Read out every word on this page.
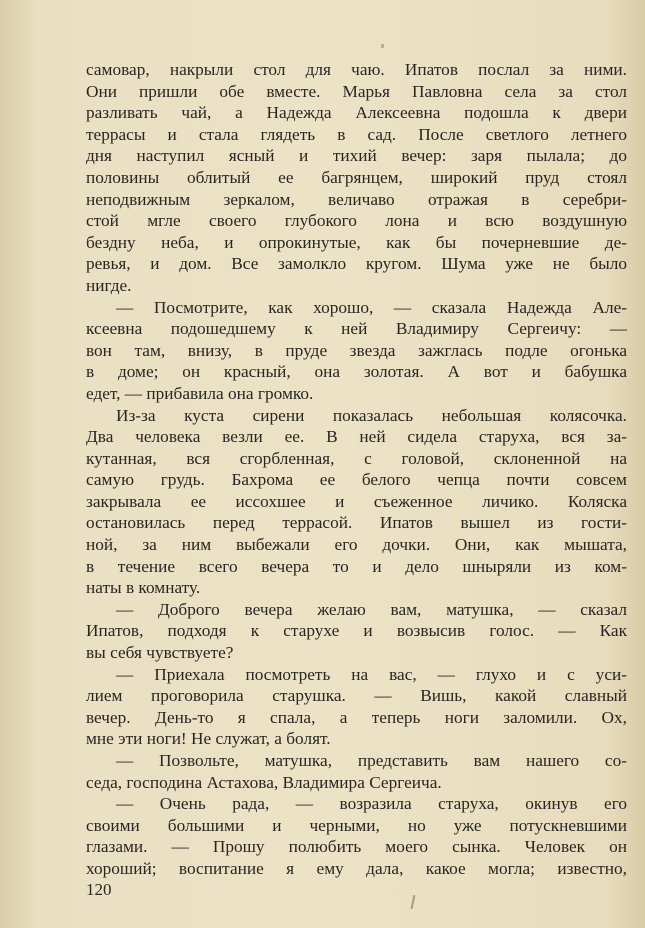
самовар, накрыли стол для чаю. Ипатов послал за ними.
Они пришли обе вместе. Марья Павловна села за стол
разливать чай, а Надежда Алексеевна подошла к двери
террасы и стала глядеть в сад. После светлого летнего
дня наступил ясный и тихий вечер: заря пылала; до
половины облитый ее багрянцем, широкий пруд стоял
неподвижным зеркалом, величаво отражая в серебри-
стой мгле своего глубокого лона и всю воздушную
бездну неба, и опрокинутые, как бы почерневшие де-
ревья, и дом. Все замолкло кругом. Шума уже не было
нигде.
— Посмотрите, как хорошо, — сказала Надежда Але-
ксеевна подошедшему к ней Владимиру Сергеичу: —
вон там, внизу, в пруде звезда зажглась подле огонька
в доме; он красный, она золотая. А вот и бабушка
едет, — прибавила она громко.
Из-за куста сирени показалась небольшая колясочка.
Два человека везли ее. В ней сидела старуха, вся за-
кутанная, вся сгорбленная, с головой, склоненной на
самую грудь. Бахрома ее белого чепца почти совсем
закрывала ее иссохшее и съеженное личико. Коляска
остановилась перед террасой. Ипатов вышел из гости-
ной, за ним выбежали его дочки. Они, как мышата,
в течение всего вечера то и дело шныряли из ком-
наты в комнату.
— Доброго вечера желаю вам, матушка, — сказал
Ипатов, подходя к старухе и возвысив голос. — Как
вы себя чувствуете?
— Приехала посмотреть на вас, — глухо и с уси-
лием проговорила старушка. — Вишь, какой славный
вечер. День-то я спала, а теперь ноги заломили. Ох,
мне эти ноги! Не служат, а болят.
— Позвольте, матушка, представить вам нашего со-
седа, господина Астахова, Владимира Сергеича.
— Очень рада, — возразила старуха, окинув его
своими большими и черными, но уже потускневшими
глазами. — Прошу полюбить моего сынка. Человек он
хороший; воспитание я ему дала, какое могла; известно,
120
